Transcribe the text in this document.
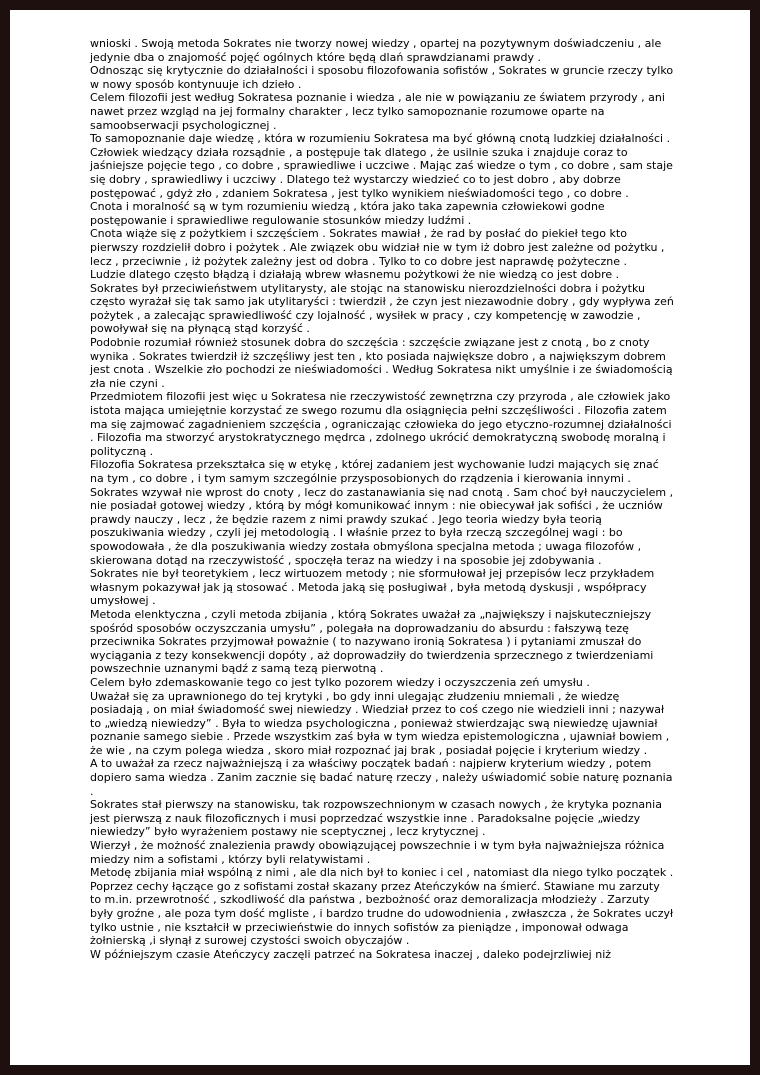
wnioski . Swoją metoda Sokrates nie tworzy nowej wiedzy , opartej na pozytywnym doświadczeniu , ale jedynie dba o znajomość pojęć ogólnych które będą dlań sprawdzianami prawdy .

Odnosząc się krytycznie do działalności i sposobu filozofowania sofistów , Sokrates w gruncie rzeczy tylko w nowy sposób kontynuuje ich dzieło .

Celem filozofii jest według Sokratesa poznanie i wiedza , ale nie w powiązaniu ze światem przyrody , ani nawet przez wzgląd na jej formalny charakter , lecz tylko samopoznanie rozumowe oparte na samoobserwacji psychologicznej .

To samopoznanie daje wiedzę , która w rozumieniu Sokratesa ma być główną cnotą ludzkiej działalności . Człowiek wiedzący działa rozsądnie , a postępuje tak dlatego , że usilnie szuka i znajduje coraz to jaśniejsze pojęcie tego , co dobre , sprawiedliwe i uczciwe . Mając zaś wiedze o tym , co dobre , sam staje się dobry , sprawiedliwy i uczciwy . Dlatego też wystarczy wiedzieć co to jest dobro , aby dobrze postępować , gdyż zło , zdaniem Sokratesa , jest tylko wynikiem nieświadomości tego , co dobre .

Cnota i moralność są w tym rozumieniu wiedzą , która jako taka zapewnia człowiekowi godne postępowanie i sprawiedliwe regulowanie stosunków miedzy ludźmi .

Cnota wiąże się z pożytkiem i szczęściem . Sokrates mawiał , że rad by posłać do piekieł tego kto pierwszy rozdzielił dobro i pożytek . Ale związek obu widział nie w tym iż dobro jest zależne od pożytku , lecz , przeciwnie , iż pożytek zależny jest od dobra . Tylko to co dobre jest naprawdę pożyteczne .

Ludzie dlatego często błądzą i działają wbrew własnemu pożytkowi że nie wiedzą co jest dobre .

Sokrates był przeciwieństwem utylitarysty, ale stojąc na stanowisku nierozdzielności dobra i pożytku często wyrażał się tak samo jak utylitaryści : twierdził , że czyn jest niezawodnie dobry , gdy wypływa zeń pożytek , a zalecając sprawiedliwość czy lojalność , wysiłek w pracy , czy kompetencję w zawodzie , powoływał się na płynącą stąd korzyść .

Podobnie rozumiał również stosunek dobra do szczęścia : szczęście związane jest z cnotą , bo z cnoty wynika . Sokrates twierdził iż szczęśliwy jest ten , kto posiada największe dobro , a największym dobrem jest cnota . Wszelkie zło pochodzi ze nieświadomości . Według Sokratesa nikt umyślnie i ze świadomością zła nie czyni .

Przedmiotem filozofii jest więc u Sokratesa nie rzeczywistość zewnętrzna czy przyroda , ale człowiek jako istota mająca umiejętnie korzystać ze swego rozumu dla osiągnięcia pełni szczęśliwości . Filozofia zatem ma się zajmować zagadnieniem szczęścia , ograniczając człowieka do jego etyczno-rozumnej działalności . Filozofia ma stworzyć arystokratycznego mędrca , zdolnego ukrócić demokratyczną swobodę moralną i polityczną .

Filozofia Sokratesa przekształca się w etykę , której zadaniem jest wychowanie ludzi mających się znać na tym , co dobre , i tym samym szczególnie przysposobionych do rządzenia i kierowania innymi .

Sokrates wzywał nie wprost do cnoty , lecz do zastanawiania się nad cnotą . Sam choć był nauczycielem , nie posiadał gotowej wiedzy , którą by mógł komunikować innym : nie obiecywał jak sofiści , że uczniów prawdy nauczy , lecz , że będzie razem z nimi prawdy szukać . Jego teoria wiedzy była teorią poszukiwania wiedzy , czyli jej metodologią . I właśnie przez to była rzeczą szczególnej wagi : bo spowodowała , że dla poszukiwania wiedzy została obmyślona specjalna metoda ; uwaga filozofów , skierowana dotąd na rzeczywistość , spoczęła teraz na wiedzy i na sposobie jej zdobywania .

Sokrates nie był teoretykiem , lecz wirtuozem metody ; nie sformułował jej przepisów lecz przykładem własnym pokazywał jak ją stosować . Metoda jaką się posługiwał , była metodą dyskusji , współpracy umysłowej .

Metoda elenktyczna , czyli metoda zbijania , którą Sokrates uważał za „największy i najskuteczniejszy spośród sposobów oczyszczania umysłu” , polegała na doprowadzaniu do absurdu : fałszywą tezę przeciwnika Sokrates przyjmował poważnie ( to nazywano ironią Sokratesa ) i pytaniami zmuszał do wyciągania z tezy konsekwencji dopóty , aż doprowadziły do twierdzenia sprzecznego z twierdzeniami powszechnie uznanymi bądź z samą tezą pierwotną .

Celem było zdemaskowanie tego co jest tylko pozorem wiedzy i oczyszczenia zeń umysłu .

Uważał się za uprawnionego do tej krytyki , bo gdy inni ulegając złudzeniu mniemali , że wiedzę posiadają , on miał świadomość swej niewiedzy . Wiedział przez to coś czego nie wiedzieli inni ; nazywał to „wiedzą niewiedzy” . Była to wiedza psychologiczna , ponieważ stwierdzając swą niewiedzę ujawniał poznanie samego siebie . Przede wszystkim zaś była w tym wiedza epistemologiczna , ujawniał bowiem , że wie , na czym polega wiedza , skoro miał rozpoznać jaj brak , posiadał pojęcie i kryterium wiedzy .

A to uważał za rzecz najważniejszą i za właściwy początek badań : najpierw kryterium wiedzy , potem dopiero sama wiedza . Zanim zacznie się badać naturę rzeczy , należy uświadomić sobie naturę poznania .

Sokrates stał pierwszy na stanowisku, tak rozpowszechnionym w czasach nowych , że krytyka poznania jest pierwszą z nauk filozoficznych i musi poprzedzać wszystkie inne . Paradoksalne pojęcie „wiedzy niewiedzy” było wyrażeniem postawy nie sceptycznej , lecz krytycznej .

Wierzył , że możność znalezienia prawdy obowiązującej powszechnie i w tym była najważniejsza różnica miedzy nim a sofistami , którzy byli relatywistami .

Metodę zbijania miał wspólną z nimi , ale dla nich był to koniec i cel , natomiast dla niego tylko początek .

Poprzez cechy łączące go z sofistami został skazany przez Ateńczyków na śmierć. Stawiane mu zarzuty to m.in. przewrotność , szkodliwość dla państwa , bezbożność oraz demoralizacja młodzieży . Zarzuty były groźne , ale poza tym dość mgliste , i bardzo trudne do udowodnienia , zwłaszcza , że Sokrates uczył tylko ustnie , nie kształcił w przeciwieństwie do innych sofistów za pieniądze , imponował odwaga żołnierską ,i słynął z surowej czystości swoich obyczajów .

W późniejszym czasie Ateńczycy zaczęli patrzeć na Sokratesa inaczej , daleko podejrzliwiej niż
